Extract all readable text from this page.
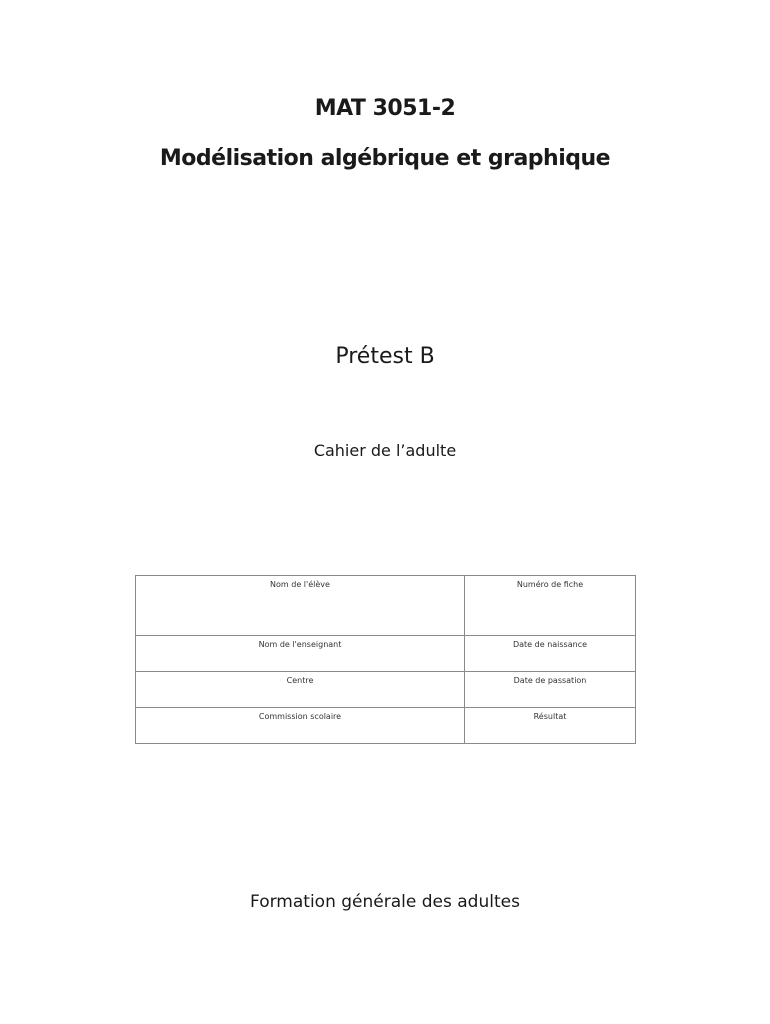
MAT 3051-2
Modélisation algébrique et graphique
Prétest B
Cahier de l’adulte
Nom de l'élève	Numéro de fiche
Nom de l'enseignant	Date de naissance
Centre	Date de passation
Commission scolaire	Résultat
Formation générale des adultes
